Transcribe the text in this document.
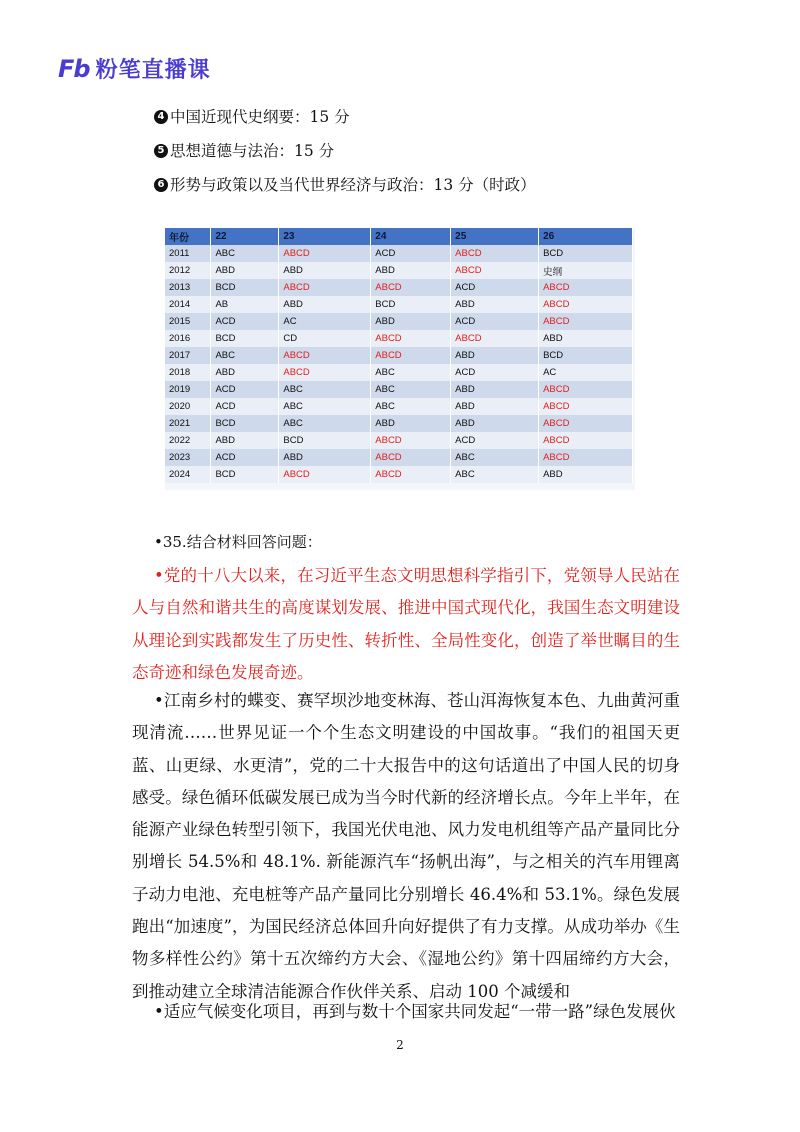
Fb 粉笔直播课
4 中国近现代史纲要：15 分
5 思想道德与法治：15 分
6 形势与政策以及当代世界经济与政治：13 分（时政）
年份	22	23	24	25	26
2011	ABC	ABCD	ACD	ABCD	BCD
2012	ABD	ABD	ABD	ABCD	史纲
2013	BCD	ABCD	ABCD	ACD	ABCD
2014	AB	ABD	BCD	ABD	ABCD
2015	ACD	AC	ABD	ACD	ABCD
2016	BCD	CD	ABCD	ABCD	ABD
2017	ABC	ABCD	ABCD	ABD	BCD
2018	ABD	ABCD	ABC	ACD	AC
2019	ACD	ABC	ABC	ABD	ABCD
2020	ACD	ABC	ABC	ABD	ABCD
2021	BCD	ABC	ABD	ABD	ABCD
2022	ABD	BCD	ABCD	ACD	ABCD
2023	ACD	ABD	ABCD	ABC	ABCD
2024	BCD	ABCD	ABCD	ABC	ABD
•35.结合材料回答问题：
•党的十八大以来，在习近平生态文明思想科学指引下，党领导人民站在人与自然和谐共生的高度谋划发展、推进中国式现代化，我国生态文明建设从理论到实践都发生了历史性、转折性、全局性变化，创造了举世瞩目的生态奇迹和绿色发展奇迹。
•江南乡村的蝶变、赛罕坝沙地变林海、苍山洱海恢复本色、九曲黄河重现清流……世界见证一个个生态文明建设的中国故事。“我们的祖国天更蓝、山更绿、水更清”，党的二十大报告中的这句话道出了中国人民的切身感受。绿色循环低碳发展已成为当今时代新的经济增长点。今年上半年，在能源产业绿色转型引领下，我国光伏电池、风力发电机组等产品产量同比分别增长 54.5%和 48.1%. 新能源汽车“扬帆出海”，与之相关的汽车用锂离子动力电池、充电桩等产品产量同比分别增长 46.4%和 53.1%。绿色发展跑出“加速度”，为国民经济总体回升向好提供了有力支撑。从成功举办《生物多样性公约》第十五次缔约方大会、《湿地公约》第十四届缔约方大会，到推动建立全球清洁能源合作伙伴关系、启动 100 个减缓和
•适应气候变化项目，再到与数十个国家共同发起“一带一路”绿色发展伙
2
